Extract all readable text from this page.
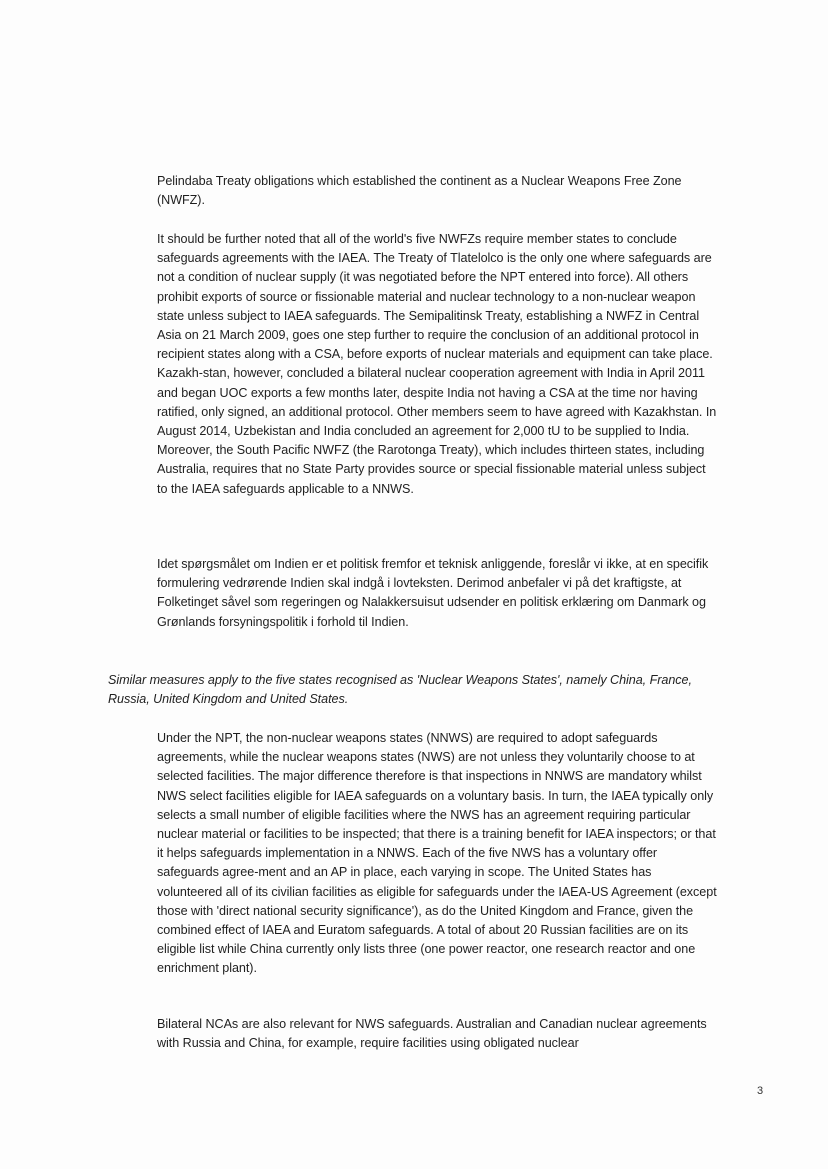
Pelindaba Treaty obligations which established the continent as a Nuclear Weapons Free Zone (NWFZ).

It should be further noted that all of the world's five NWFZs require member states to conclude safeguards agreements with the IAEA. The Treaty of Tlatelolco is the only one where safeguards are not a condition of nuclear supply (it was negotiated before the NPT entered into force). All others prohibit exports of source or fissionable material and nuclear technology to a non-nuclear weapon state unless subject to IAEA safeguards. The Semipalitinsk Treaty, establishing a NWFZ in Central Asia on 21 March 2009, goes one step further to require the conclusion of an additional protocol in recipient states along with a CSA, before exports of nuclear materials and equipment can take place. Kazakh-stan, however, concluded a bilateral nuclear cooperation agreement with India in April 2011 and began UOC exports a few months later, despite India not having a CSA at the time nor having ratified, only signed, an additional protocol. Other members seem to have agreed with Kazakhstan. In August 2014, Uzbekistan and India concluded an agreement for 2,000 tU to be supplied to India. Moreover, the South Pacific NWFZ (the Rarotonga Treaty), which includes thirteen states, including Australia, requires that no State Party provides source or special fissionable material unless subject to the IAEA safeguards applicable to a NNWS.

Idet spørgsmålet om Indien er et politisk fremfor et teknisk anliggende, foreslår vi ikke, at en specifik formulering vedrørende Indien skal indgå i lovteksten. Derimod anbefaler vi på det kraftigste, at Folketinget såvel som regeringen og Nalakkersuisut udsender en politisk erklæring om Danmark og Grønlands forsyningspolitik i forhold til Indien.

Similar measures apply to the five states recognised as 'Nuclear Weapons States', namely China, France, Russia, United Kingdom and United States.

Under the NPT, the non-nuclear weapons states (NNWS) are required to adopt safeguards agreements, while the nuclear weapons states (NWS) are not unless they voluntarily choose to at selected facilities. The major difference therefore is that inspections in NNWS are mandatory whilst NWS select facilities eligible for IAEA safeguards on a voluntary basis. In turn, the IAEA typically only selects a small number of eligible facilities where the NWS has an agreement requiring particular nuclear material or facilities to be inspected; that there is a training benefit for IAEA inspectors; or that it helps safeguards implementation in a NNWS. Each of the five NWS has a voluntary offer safeguards agree-ment and an AP in place, each varying in scope. The United States has volunteered all of its civilian facilities as eligible for safeguards under the IAEA-US Agreement (except those with 'direct national security significance'), as do the United Kingdom and France, given the combined effect of IAEA and Euratom safeguards. A total of about 20 Russian facilities are on its eligible list while China currently only lists three (one power reactor, one research reactor and one enrichment plant).

Bilateral NCAs are also relevant for NWS safeguards. Australian and Canadian nuclear agreements with Russia and China, for example, require facilities using obligated nuclear

3
